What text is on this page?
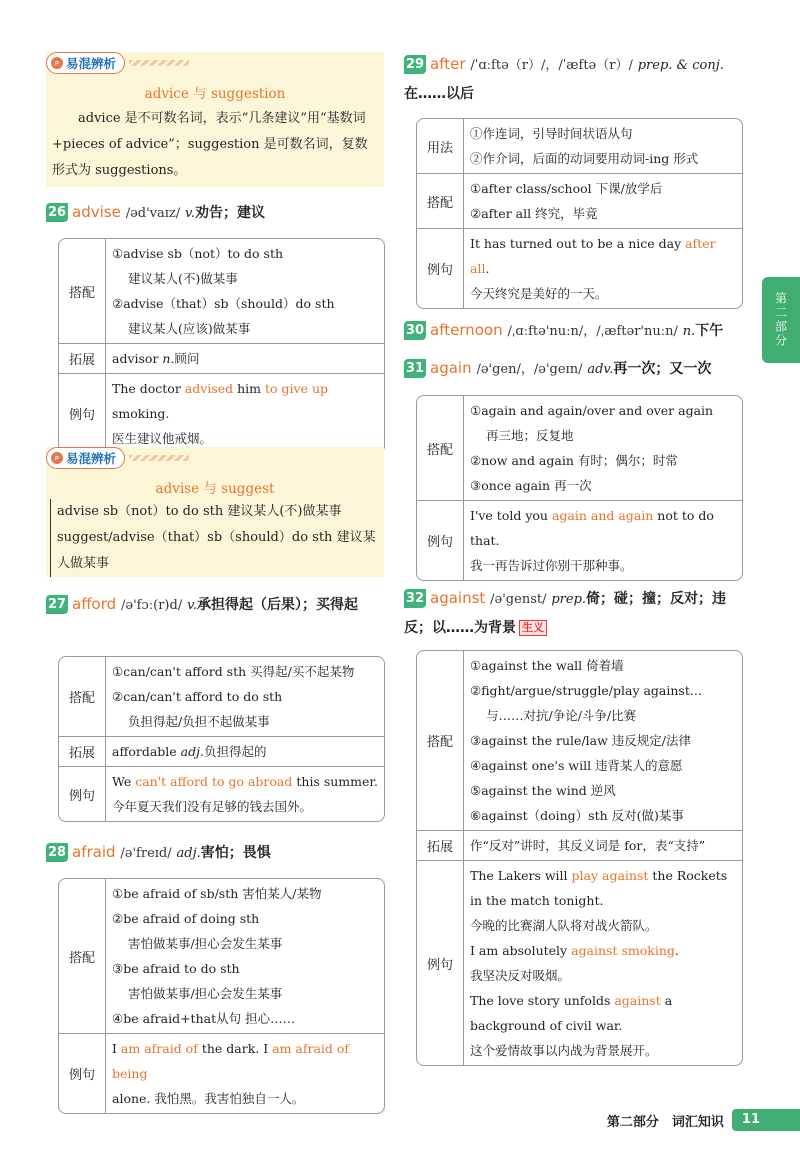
⌕ 易混辨析
advice 与 suggestion
advice 是不可数名词，表示“几条建议”用“基数词+pieces of advice”；suggestion 是可数名词，复数形式为 suggestions。
26 advise /əd'vaɪz/ v.劝告；建议
搭配
①advise sb（not）to do sth
建议某人(不)做某事
②advise（that）sb（should）do sth
建议某人(应该)做某事
拓展	advisor n.顾问
例句
The doctor advised him to give up smoking.
医生建议他戒烟。
⌕ 易混辨析
advise 与 suggest
advise sb（not）to do sth 建议某人(不)做某事
suggest/advise（that）sb（should）do sth 建议某人做某事
27 afford /ə'fɔː(r)d/ v.承担得起（后果）；买得起
搭配
①can/can't afford sth 买得起/买不起某物
②can/can't afford to do sth
负担得起/负担不起做某事
拓展	affordable adj.负担得起的
例句
We can't afford to go abroad this summer.
今年夏天我们没有足够的钱去国外。
28 afraid /ə'freɪd/ adj.害怕；畏惧
搭配
①be afraid of sb/sth 害怕某人/某物
②be afraid of doing sth
害怕做某事/担心会发生某事
③be afraid to do sth
害怕做某事/担心会发生某事
④be afraid+that从句 担心……
例句
I am afraid of the dark. I am afraid of being
alone. 我怕黑。我害怕独自一人。
29 after /ˈɑːftə（r）/，/ˈæftə（r）/ prep. & conj.
在……以后
用法
①作连词，引导时间状语从句
②作介词，后面的动词要用动词-ing 形式
搭配
①after class/school 下课/放学后
②after all 终究，毕竟
例句
It has turned out to be a nice day after all.
今天终究是美好的一天。
30 afternoon /ˌɑːftə'nuːn/，/ˌæftər'nuːn/ n.下午
31 again /ə'gen/，/ə'geɪn/ adv.再一次；又一次
搭配
①again and again/over and over again
再三地；反复地
②now and again 有时；偶尔；时常
③once again 再一次
例句
I've told you again and again not to do that.
我一再告诉过你别干那种事。
32 against /ə'genst/ prep.倚；碰；撞；反对；违反；以……为背景 生义
搭配
①against the wall 倚着墙
②fight/argue/struggle/play against...
与……对抗/争论/斗争/比赛
③against the rule/law 违反规定/法律
④against one's will 违背某人的意愿
⑤against the wind 逆风
⑥against（doing）sth 反对(做)某事
拓展	作“反对”讲时，其反义词是 for，表“支持”
例句
The Lakers will play against the Rockets in the match tonight.
今晚的比赛湖人队将对战火箭队。
I am absolutely against smoking.
我坚决反对吸烟。
The love story unfolds against a background of civil war.
这个爱情故事以内战为背景展开。
第二部分
第二部分　词汇知识	11
